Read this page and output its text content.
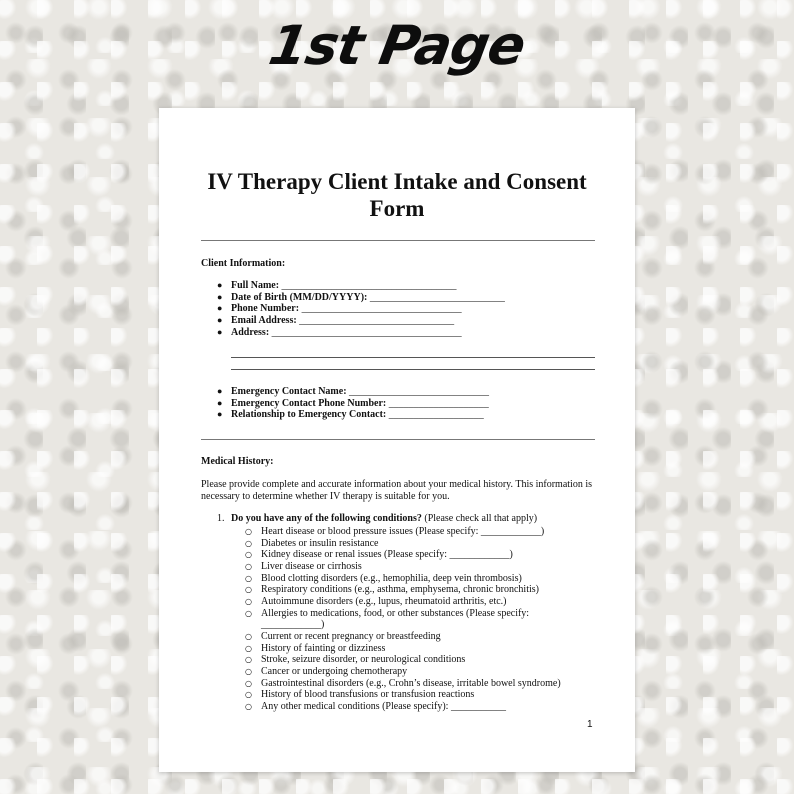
1st Page
IV Therapy Client Intake and Consent Form

Client Information:

● Full Name: ___________________________________
● Date of Birth (MM/DD/YYYY): ___________________________
● Phone Number: ________________________________
● Email Address: _______________________________
● Address: ______________________________________
● Emergency Contact Name: ____________________________
● Emergency Contact Phone Number: ____________________
● Relationship to Emergency Contact: ___________________

Medical History:

Please provide complete and accurate information about your medical history. This information is necessary to determine whether IV therapy is suitable for you.

1. Do you have any of the following conditions? (Please check all that apply)
○ Heart disease or blood pressure issues (Please specify: ____________)
○ Diabetes or insulin resistance
○ Kidney disease or renal issues (Please specify: ____________)
○ Liver disease or cirrhosis
○ Blood clotting disorders (e.g., hemophilia, deep vein thrombosis)
○ Respiratory conditions (e.g., asthma, emphysema, chronic bronchitis)
○ Autoimmune disorders (e.g., lupus, rheumatoid arthritis, etc.)
○ Allergies to medications, food, or other substances (Please specify:
____________)
○ Current or recent pregnancy or breastfeeding
○ History of fainting or dizziness
○ Stroke, seizure disorder, or neurological conditions
○ Cancer or undergoing chemotherapy
○ Gastrointestinal disorders (e.g., Crohn’s disease, irritable bowel syndrome)
○ History of blood transfusions or transfusion reactions
○ Any other medical conditions (Please specify): ___________
1
